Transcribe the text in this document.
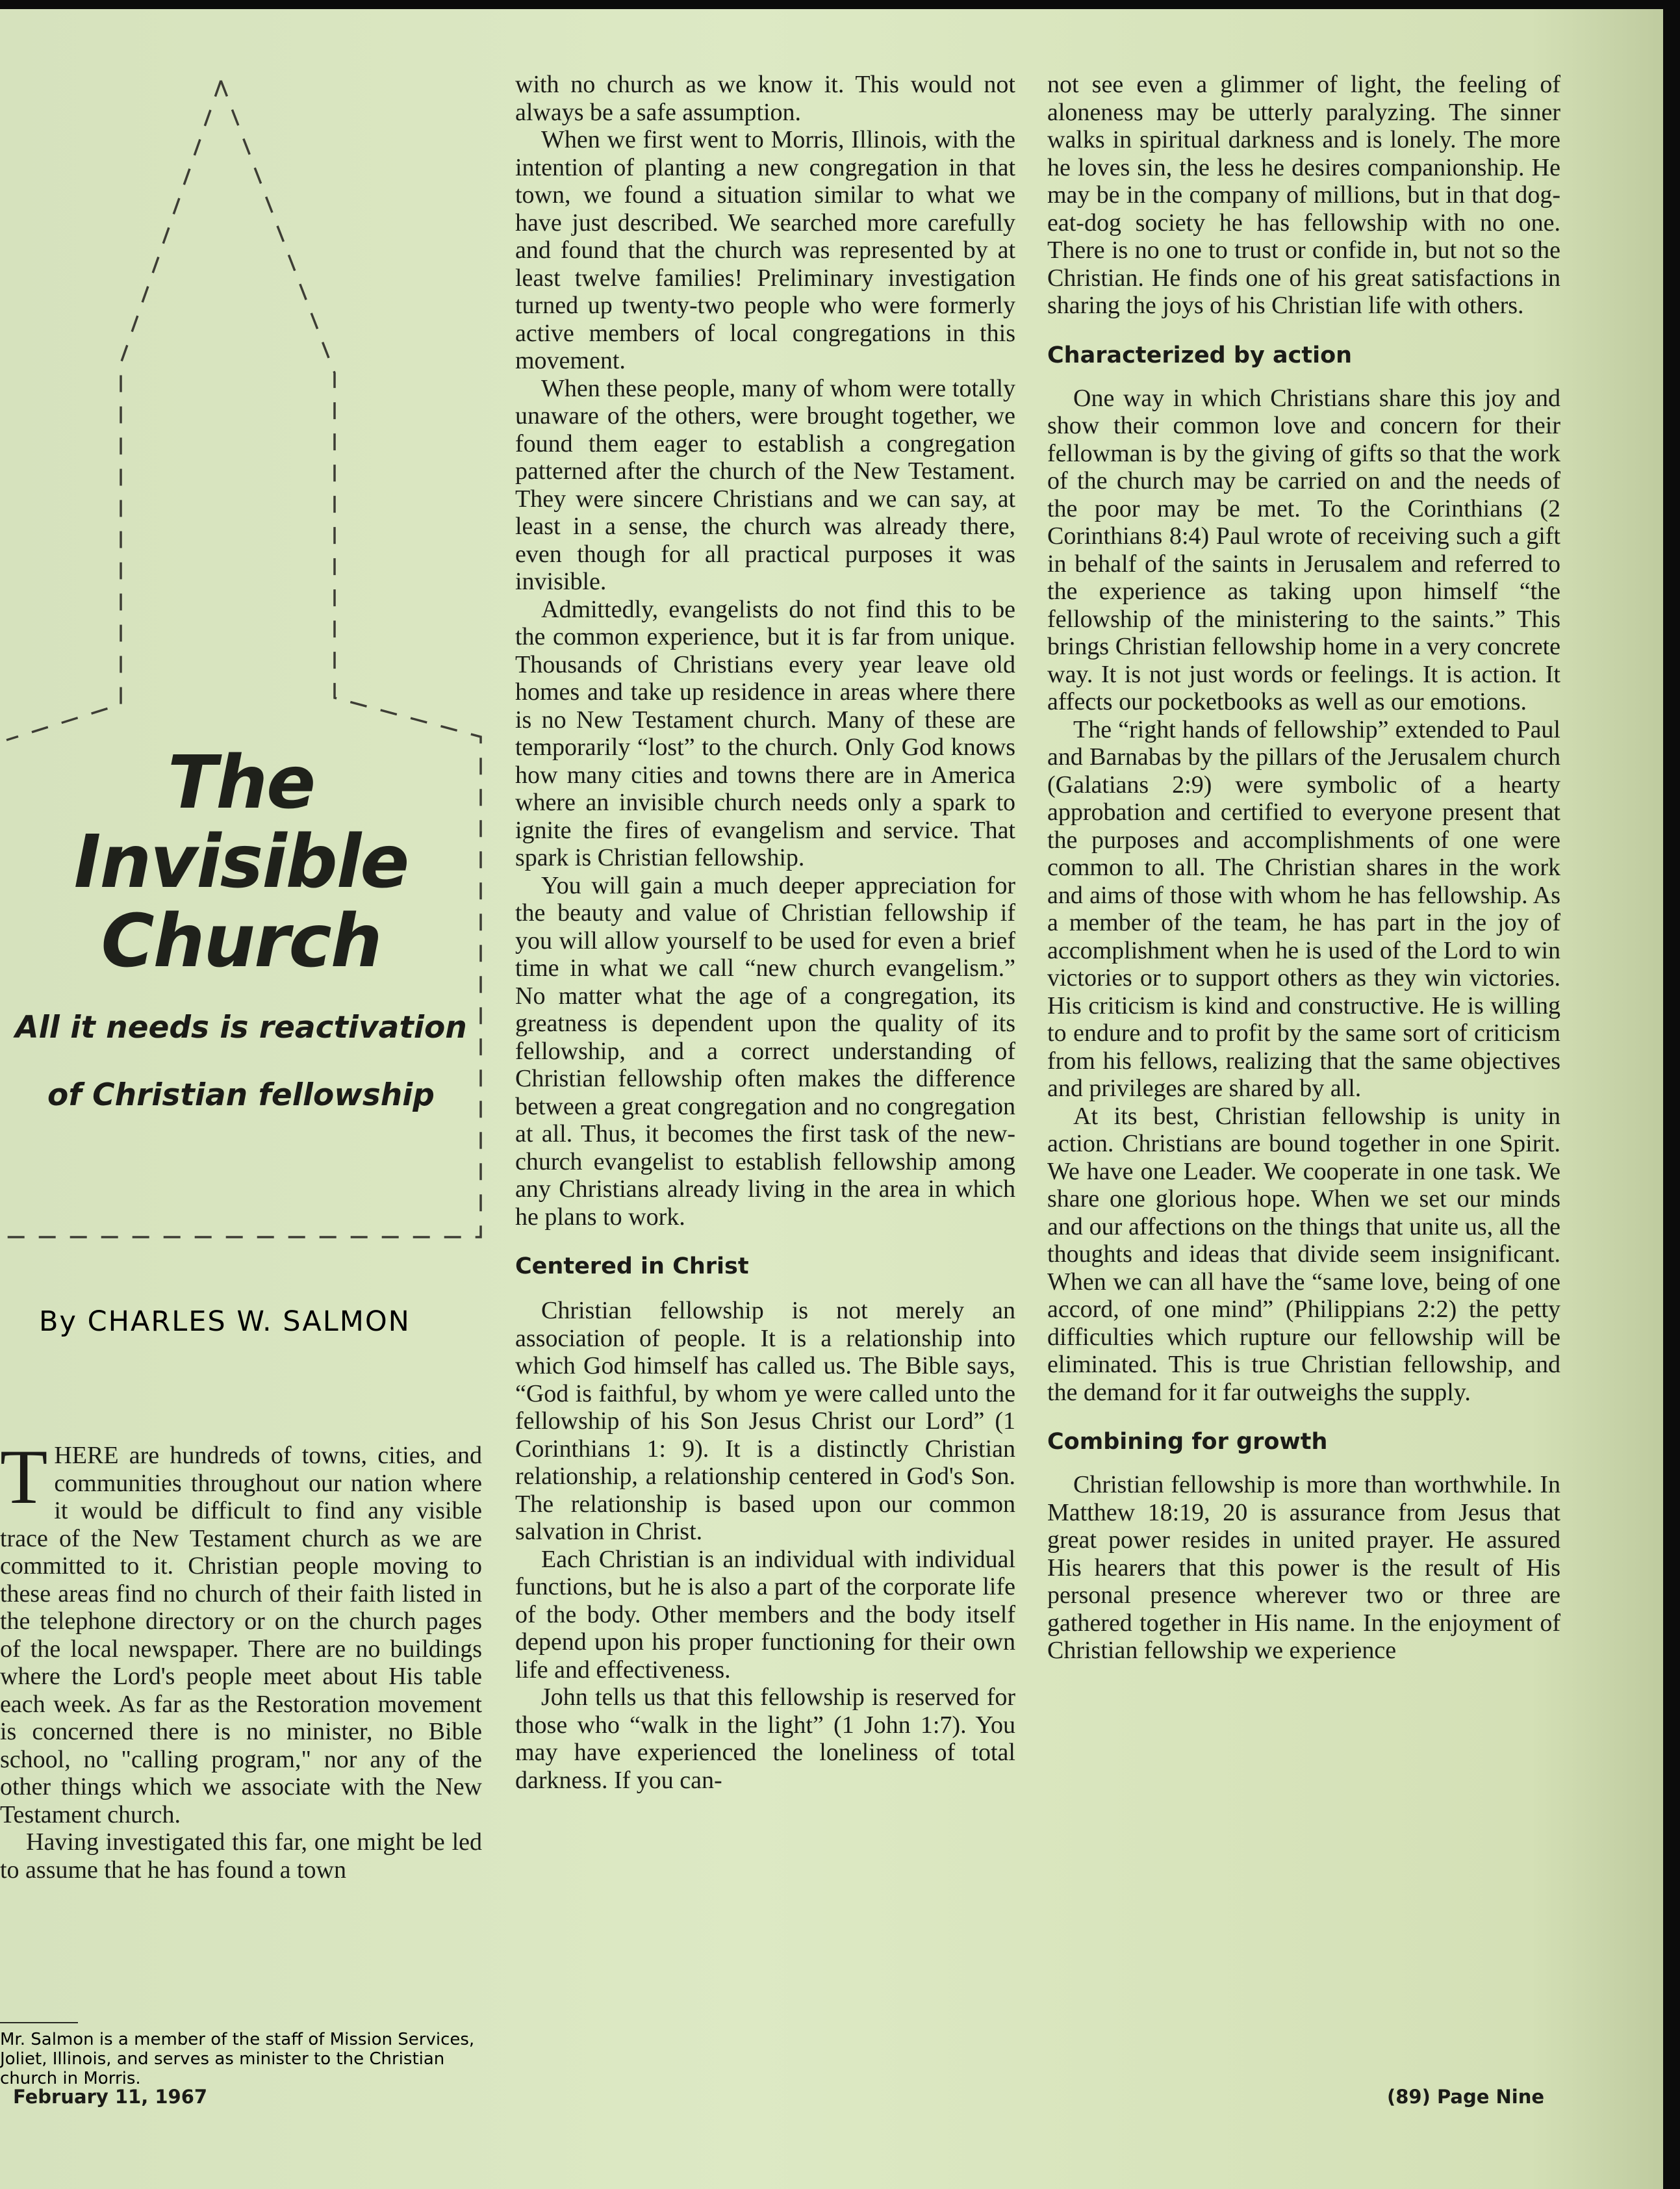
The
Invisible
Church
All it needs is reactivation
of Christian fellowship
By CHARLES W. SALMON

THERE are hundreds of towns, cities, and communities throughout our nation where it would be difficult to find any visible trace of the New Testament church as we are committed to it. Christian people moving to these areas find no church of their faith listed in the telephone directory or on the church pages of the local newspaper. There are no buildings where the Lord's people meet about His table each week. As far as the Restoration movement is concerned there is no minister, no Bible school, no "calling program," nor any of the other things which we associate with the New Testament church.

Having investigated this far, one might be led to assume that he has found a town

Mr. Salmon is a member of the staff of Mission Services, Joliet, Illinois, and serves as minister to the Christian church in Morris.

with no church as we know it. This would not always be a safe assumption.

When we first went to Morris, Illinois, with the intention of planting a new congregation in that town, we found a situation similar to what we have just described. We searched more carefully and found that the church was represented by at least twelve families! Preliminary investigation turned up twenty-two people who were formerly active members of local congregations in this movement.

When these people, many of whom were totally unaware of the others, were brought together, we found them eager to establish a congregation patterned after the church of the New Testament. They were sincere Christians and we can say, at least in a sense, the church was already there, even though for all practical purposes it was invisible.

Admittedly, evangelists do not find this to be the common experience, but it is far from unique. Thousands of Christians every year leave old homes and take up residence in areas where there is no New Testament church. Many of these are temporarily “lost” to the church. Only God knows how many cities and towns there are in America where an invisible church needs only a spark to ignite the fires of evangelism and service. That spark is Christian fellowship.

You will gain a much deeper appreciation for the beauty and value of Christian fellowship if you will allow yourself to be used for even a brief time in what we call “new church evangelism.” No matter what the age of a congregation, its greatness is dependent upon the quality of its fellowship, and a correct understanding of Christian fellowship often makes the difference between a great congregation and no congregation at all. Thus, it becomes the first task of the new-church evangelist to establish fellowship among any Christians already living in the area in which he plans to work.

Centered in Christ

Christian fellowship is not merely an association of people. It is a relationship into which God himself has called us. The Bible says, “God is faithful, by whom ye were called unto the fellowship of his Son Jesus Christ our Lord” (1 Corinthians 1: 9). It is a distinctly Christian relationship, a relationship centered in God's Son. The relationship is based upon our common salvation in Christ.

Each Christian is an individual with individual functions, but he is also a part of the corporate life of the body. Other members and the body itself depend upon his proper functioning for their own life and effectiveness.

John tells us that this fellowship is reserved for those who “walk in the light” (1 John 1:7). You may have experienced the loneliness of total darkness. If you can-

not see even a glimmer of light, the feeling of aloneness may be utterly paralyzing. The sinner walks in spiritual darkness and is lonely. The more he loves sin, the less he desires companionship. He may be in the company of millions, but in that dog-eat-dog society he has fellowship with no one. There is no one to trust or confide in, but not so the Christian. He finds one of his great satisfactions in sharing the joys of his Christian life with others.

Characterized by action

One way in which Christians share this joy and show their common love and concern for their fellowman is by the giving of gifts so that the work of the church may be carried on and the needs of the poor may be met. To the Corinthians (2 Corinthians 8:4) Paul wrote of receiving such a gift in behalf of the saints in Jerusalem and referred to the experience as taking upon himself “the fellowship of the ministering to the saints.” This brings Christian fellowship home in a very concrete way. It is not just words or feelings. It is action. It affects our pocketbooks as well as our emotions.

The “right hands of fellowship” extended to Paul and Barnabas by the pillars of the Jerusalem church (Galatians 2:9) were symbolic of a hearty approbation and certified to everyone present that the purposes and accomplishments of one were common to all. The Christian shares in the work and aims of those with whom he has fellowship. As a member of the team, he has part in the joy of accomplishment when he is used of the Lord to win victories or to support others as they win victories. His criticism is kind and constructive. He is willing to endure and to profit by the same sort of criticism from his fellows, realizing that the same objectives and privileges are shared by all.

At its best, Christian fellowship is unity in action. Christians are bound together in one Spirit. We have one Leader. We cooperate in one task. We share one glorious hope. When we set our minds and our affections on the things that unite us, all the thoughts and ideas that divide seem insignificant. When we can all have the “same love, being of one accord, of one mind” (Philippians 2:2) the petty difficulties which rupture our fellowship will be eliminated. This is true Christian fellowship, and the demand for it far outweighs the supply.

Combining for growth

Christian fellowship is more than worthwhile. In Matthew 18:19, 20 is assurance from Jesus that great power resides in united prayer. He assured His hearers that this power is the result of His personal presence wherever two or three are gathered together in His name. In the enjoyment of Christian fellowship we experience

February 11, 1967	(89) Page Nine
